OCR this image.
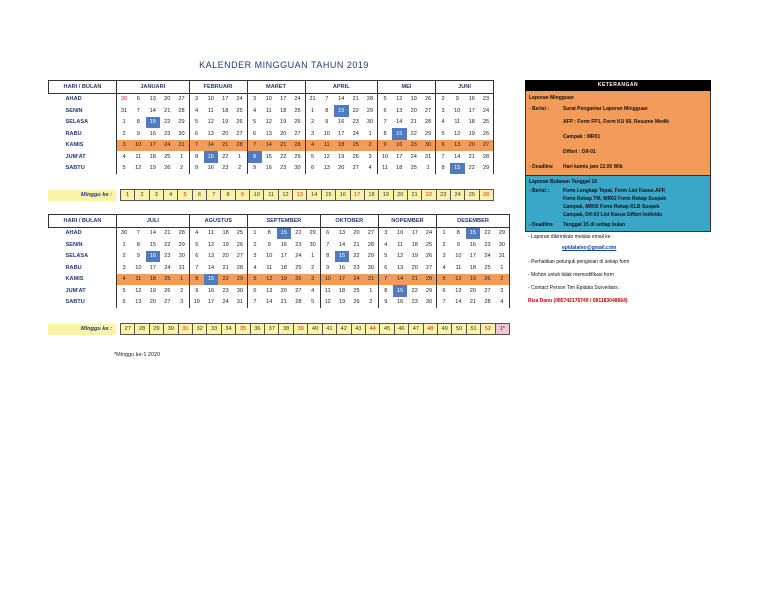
KALENDER MINGGUAN TAHUN 2019
HARI / BULAN	JANUARI					FEBRUARI				MARET				APRIL					MEI				JUNI			
AHAD	30	6	13	20	27	3	10	17	24	3	10	17	24	31	7	14	21	28	5	12	19	26	2	9	16	23
SENIN	31	7	14	21	28	4	11	18	25	4	11	18	25	1	8	15	22	29	6	13	20	27	3	10	17	24
SELASA	1	8	15	22	29	5	12	19	26	5	12	19	26	2	9	16	23	30	7	14	21	28	4	11	18	25
RABU	2	9	16	23	30	6	13	20	27	6	13	20	27	3	10	17	24	1	8	15	22	29	5	12	19	26
KAMIS	3	10	17	24	31	7	14	21	28	7	14	21	28	4	11	18	25	2	9	16	23	30	6	13	20	27
JUM'AT	4	11	18	25	1	8	15	22	1	8	15	22	29	5	12	19	26	3	10	17	24	31	7	14	21	28
SABTU	5	12	19	26	2	9	16	23	2	9	16	23	30	6	13	20	27	4	11	18	25	1	8	15	22	29
Minggu ke :		1	2	3	4	5	6	7	8	9	10	11	12	13	14	15	16	17	18	19	20	21	22	23	24	25	26
HARI / BULAN	JULI					AGUSTUS				SEPTEMBER					OKTOBER				NOPEMBER				DESEMBER				
AHAD	30	7	14	21	28	4	11	18	25	1	8	15	22	29	6	13	20	27	3	10	17	24	1	8	15	22	29
SENIN	1	8	15	22	29	5	12	19	26	2	9	16	23	30	7	14	21	28	4	11	18	25	2	9	16	23	30
SELASA	2	9	16	23	30	6	13	20	27	3	10	17	24	1	8	15	22	29	5	12	19	26	3	10	17	24	31
RABU	3	10	17	24	31	7	14	21	28	4	11	18	25	2	9	16	23	30	6	13	20	27	4	11	18	25	1
KAMIS	4	11	18	25	1	8	15	22	29	5	12	19	26	3	10	17	24	31	7	14	21	28	5	12	19	26	2
JUM'AT	5	12	19	26	2	9	16	23	30	6	13	20	27	4	11	18	25	1	8	15	22	29	6	13	20	27	3
SABTU	6	13	20	27	3	10	17	24	31	7	14	21	28	5	12	19	26	2	9	16	23	30	7	14	21	28	4
Minggu ke :		27	28	29	30	31	32	33	34	35	36	37	38	39	40	41	42	43	44	45	46	47	48	49	50	51	52	1*
*Minggu ke-1 2020
KETERANGAN
Laporan Mingguan
- Berisi :	Surat Pengantar Laporan Mingguan
AFP : Form FP1, Form KU 60, Resume Medik
Campak : MR01
Difteri : Dif-01
- Deadline Hari kamis jam 12.00 Wib
Laporan Bulanan Tanggal 16
- Berisi :	Form Lengkap Tepat, Form List Kasus AFP,
Form Rekap TM, MR02 Form Rekap Suspek
Campak, MR05 Form Rekap KLB Suspek
Campak, Dif-03 List Kasus Difteri Individu
- Deadline Tanggal 15 di setiap bulan
- Laporan dikirimkan melalui email ke :
epidalalno@gmail.com
- Perhatikan petunjuk pengisian di setiap form
- Mohon untuk tidak memodifikasi form
- Contact Person Tim Epidala Surveilans :
Riza Danu (085742176749 / 081183048664)
